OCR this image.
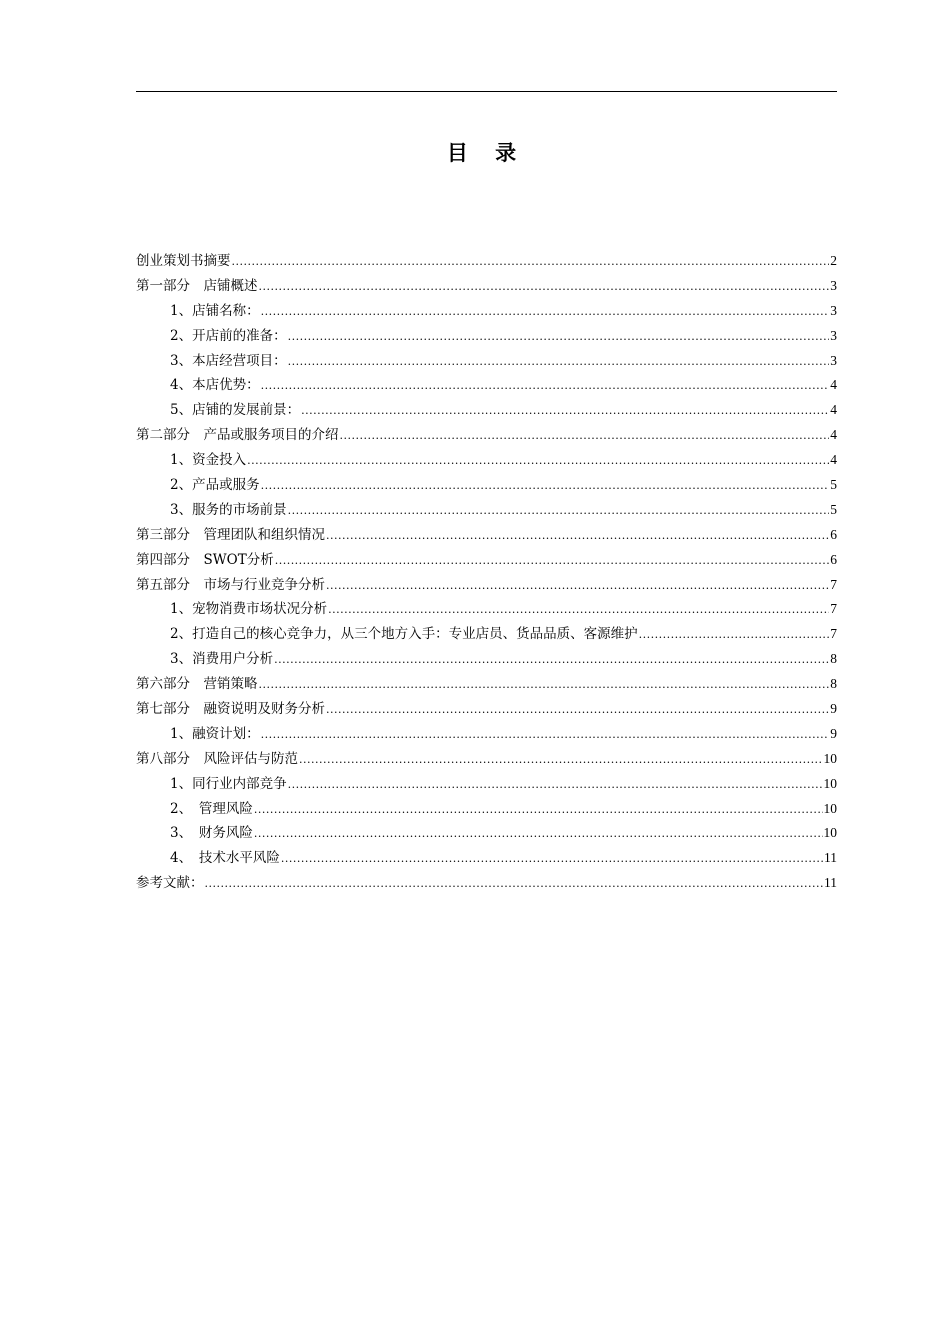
目 录
创业策划书摘要 .....	2
第一部分　店铺概述 .....	3
1、店铺名称： .....	3
2、开店前的准备： .....	3
3、本店经营项目： .....	3
4、本店优势： .....	4
5、店铺的发展前景： .....	4
第二部分　产品或服务项目的介绍 .....	4
1、资金投入 .....	4
2、产品或服务 .....	5
3、服务的市场前景 .....	5
第三部分　管理团队和组织情况 .....	6
第四部分　SWOT分析 .....	6
第五部分　市场与行业竞争分析 .....	7
1、宠物消费市场状况分析 .....	7
2、打造自己的核心竞争力，从三个地方入手：专业店员、货品品质、客源维护 .....	7
3、消费用户分析 .....	8
第六部分　营销策略 .....	8
第七部分　融资说明及财务分析 .....	9
1、融资计划： .....	9
第八部分　风险评估与防范 .....	10
1、同行业内部竞争 .....	10
2、　管理风险 .....	10
3、　财务风险 .....	10
4、　技术水平风险 .....	11
参考文献： .....	11
